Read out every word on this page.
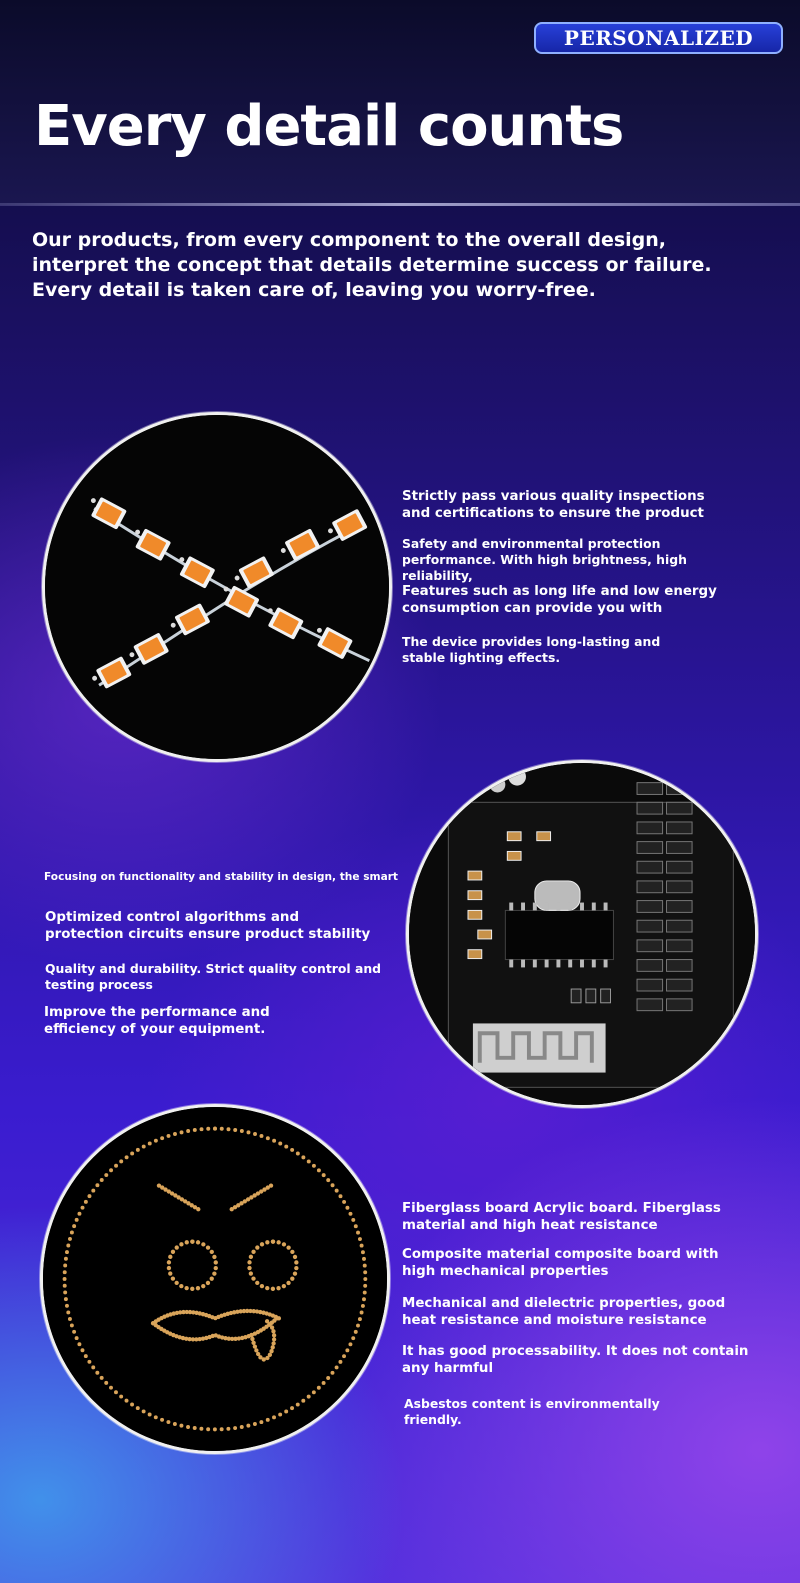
PERSONALIZED
Every detail counts

Our products, from every component to the overall design, interpret the concept that details determine success or failure. Every detail is taken care of, leaving you worry-free.

Strictly pass various quality inspections and certifications to ensure the product
Safety and environmental protection performance. With high brightness, high reliability,
Features such as long life and low energy consumption can provide you with
The device provides long-lasting and stable lighting effects.
Focusing on functionality and stability in design, the smart
Optimized control algorithms and protection circuits ensure product stability
Quality and durability. Strict quality control and testing process
Improve the performance and efficiency of your equipment.
Fiberglass board Acrylic board. Fiberglass material and high heat resistance
Composite material composite board with high mechanical properties
Mechanical and dielectric properties, good heat resistance and moisture resistance
It has good processability. It does not contain any harmful
Asbestos content is environmentally friendly.
